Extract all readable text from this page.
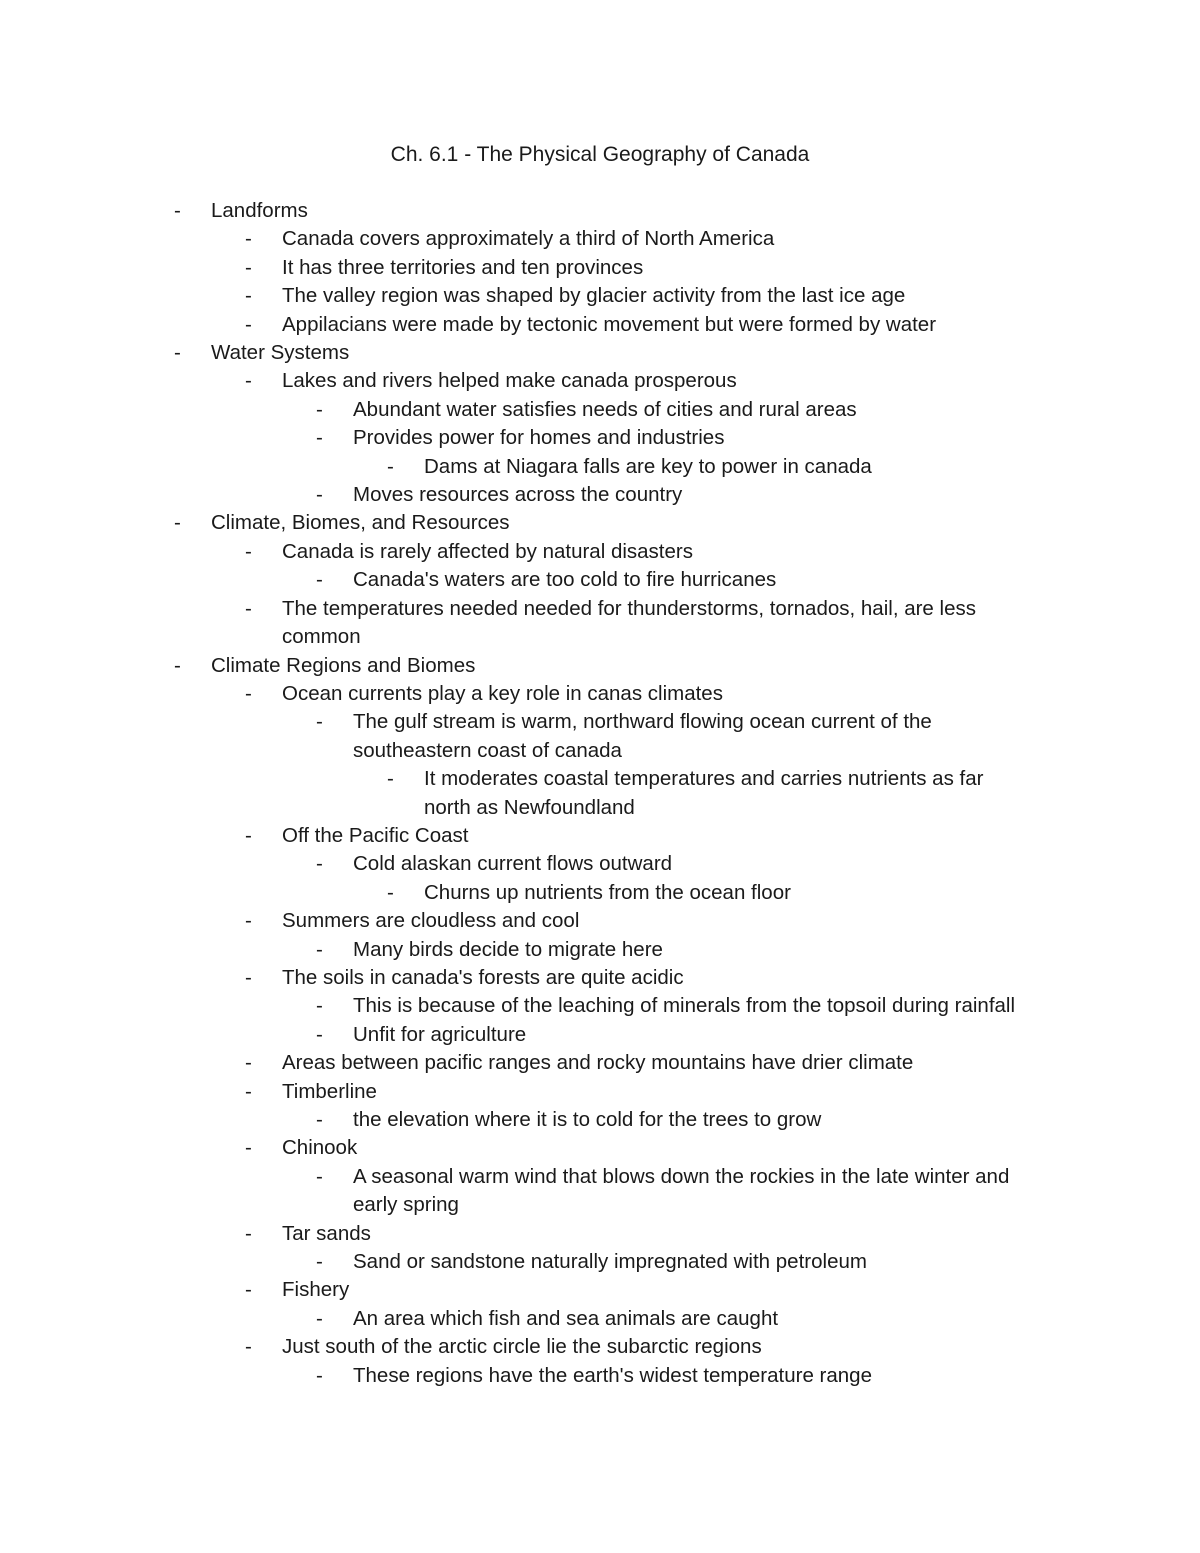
Ch. 6.1 - The Physical Geography of Canada
- Landforms
- Canada covers approximately a third of North America
- It has three territories and ten provinces
- The valley region was shaped by glacier activity from the last ice age
- Appilacians were made by tectonic movement but were formed by water
- Water Systems
- Lakes and rivers helped make canada prosperous
- Abundant water satisfies needs of cities and rural areas
- Provides power for homes and industries
- Dams at Niagara falls are key to power in canada
- Moves resources across the country
- Climate, Biomes, and Resources
- Canada is rarely affected by natural disasters
- Canada's waters are too cold to fire hurricanes
- The temperatures needed needed for thunderstorms, tornados, hail, are less common
- Climate Regions and Biomes
- Ocean currents play a key role in canas climates
- The gulf stream is warm, northward flowing ocean current of the southeastern coast of canada
- It moderates coastal temperatures and carries nutrients as far north as Newfoundland
- Off the Pacific Coast
- Cold alaskan current flows outward
- Churns up nutrients from the ocean floor
- Summers are cloudless and cool
- Many birds decide to migrate here
- The soils in canada's forests are quite acidic
- This is because of the leaching of minerals from the topsoil during rainfall
- Unfit for agriculture
- Areas between pacific ranges and rocky mountains have drier climate
- Timberline
- the elevation where it is to cold for the trees to grow
- Chinook
- A seasonal warm wind that blows down the rockies in the late winter and early spring
- Tar sands
- Sand or sandstone naturally impregnated with petroleum
- Fishery
- An area which fish and sea animals are caught
- Just south of the arctic circle lie the subarctic regions
- These regions have the earth's widest temperature range
